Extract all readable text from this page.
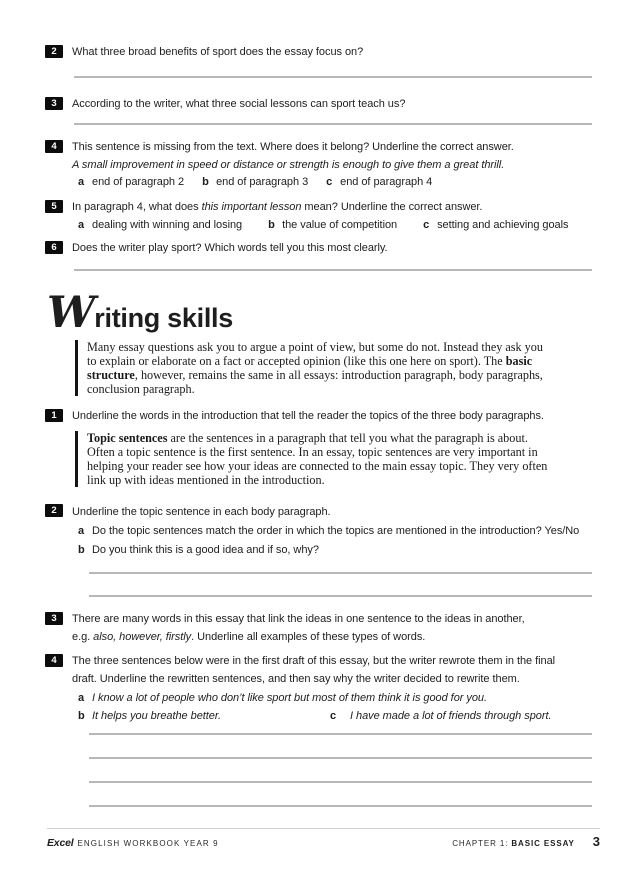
2	What three broad benefits of sport does the essay focus on?
3	According to the writer, what three social lessons can sport teach us?
4	This sentence is missing from the text. Where does it belong? Underline the correct answer.
A small improvement in speed or distance or strength is enough to give them a great thrill.
a end of paragraph 2 b end of paragraph 3 c end of paragraph 4
5	In paragraph 4, what does this important lesson mean? Underline the correct answer.
a dealing with winning and losing b the value of competition c setting and achieving goals
6	Does the writer play sport? Which words tell you this most clearly.
Writing skills
Many essay questions ask you to argue a point of view, but some do not. Instead they ask you
to explain or elaborate on a fact or accepted opinion (like this one here on sport). The basic
structure, however, remains the same in all essays: introduction paragraph, body paragraphs,
conclusion paragraph.
1	Underline the words in the introduction that tell the reader the topics of the three body paragraphs.
Topic sentences are the sentences in a paragraph that tell you what the paragraph is about.
Often a topic sentence is the first sentence. In an essay, topic sentences are very important in
helping your reader see how your ideas are connected to the main essay topic. They very often
link up with ideas mentioned in the introduction.
2	Underline the topic sentence in each body paragraph.
a Do the topic sentences match the order in which the topics are mentioned in the introduction? Yes/No
b Do you think this is a good idea and if so, why?
3	There are many words in this essay that link the ideas in one sentence to the ideas in another,
e.g. also, however, firstly. Underline all examples of these types of words.
4	The three sentences below were in the first draft of this essay, but the writer rewrote them in the final
draft. Underline the rewritten sentences, and then say why the writer decided to rewrite them.
a I know a lot of people who don’t like sport but most of them think it is good for you.
b It helps you breathe better.	c	I have made a lot of friends through sport.
Excel ENGLISH WORKBOOK YEAR 9	CHAPTER 1: BASIC ESSAY 3
